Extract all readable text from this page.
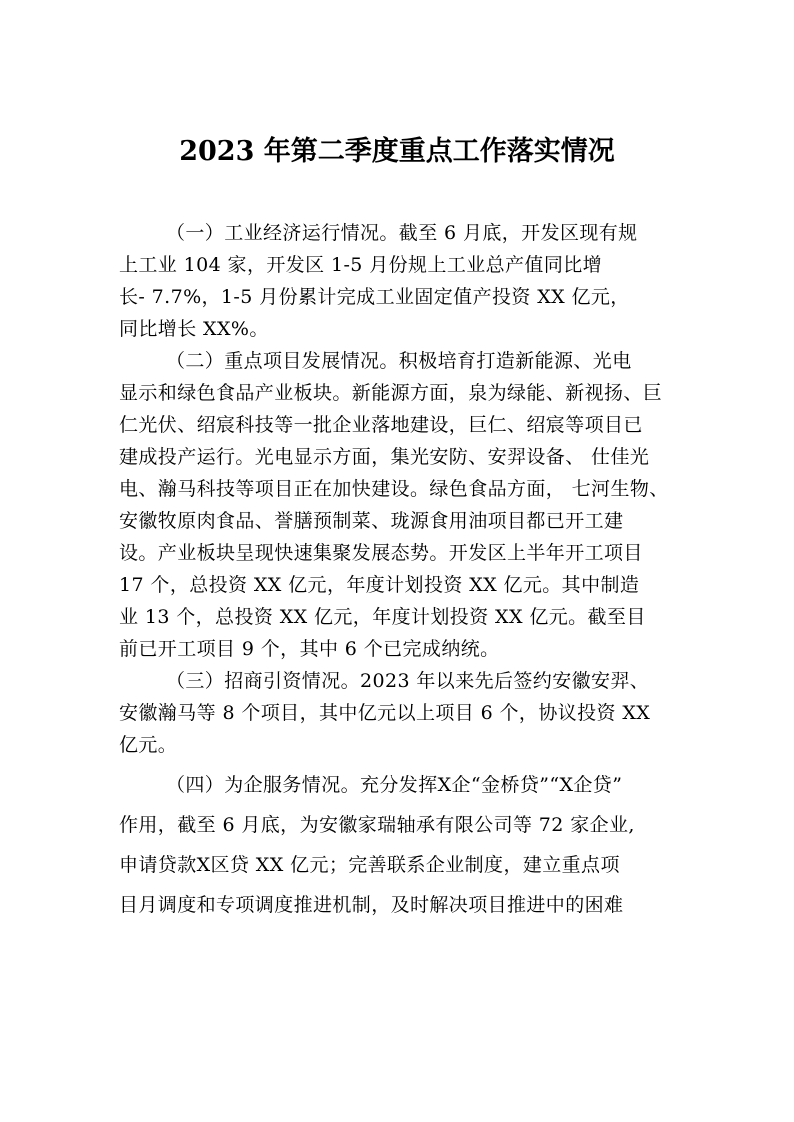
2023 年第二季度重点工作落实情况
（一）工业经济运行情况。截至 6 月底，开发区现有规
上工业 104 家，开发区 1-5 月份规上工业总产值同比增
长- 7.7%，1-5 月份累计完成工业固定值产投资 XX 亿元，
同比增长 XX%。
（二）重点项目发展情况。积极培育打造新能源、光电
显示和绿色食品产业板块。新能源方面，泉为绿能、新视扬、巨
仁光伏、绍宸科技等一批企业落地建设，巨仁、绍宸等项目已
建成投产运行。光电显示方面，集光安防、安羿设备、 仕佳光
电、瀚马科技等项目正在加快建设。绿色食品方面， 七河生物、
安徽牧原肉食品、誉膳预制菜、珑源食用油项目都已开工建
设。产业板块呈现快速集聚发展态势。开发区上半年开工项目
17 个，总投资 XX 亿元，年度计划投资 XX 亿元。其中制造
业 13 个，总投资 XX 亿元，年度计划投资 XX 亿元。截至目
前已开工项目 9 个，其中 6 个已完成纳统。
（三）招商引资情况。2023 年以来先后签约安徽安羿、
安徽瀚马等 8 个项目，其中亿元以上项目 6 个，协议投资 XX
亿元。
（四）为企服务情况。充分发挥X企“金桥贷”“X企贷”
作用，截至 6 月底，为安徽家瑞轴承有限公司等 72 家企业,
申请贷款X区贷 XX 亿元；完善联系企业制度，建立重点项
目月调度和专项调度推进机制，及时解决项目推进中的困难
